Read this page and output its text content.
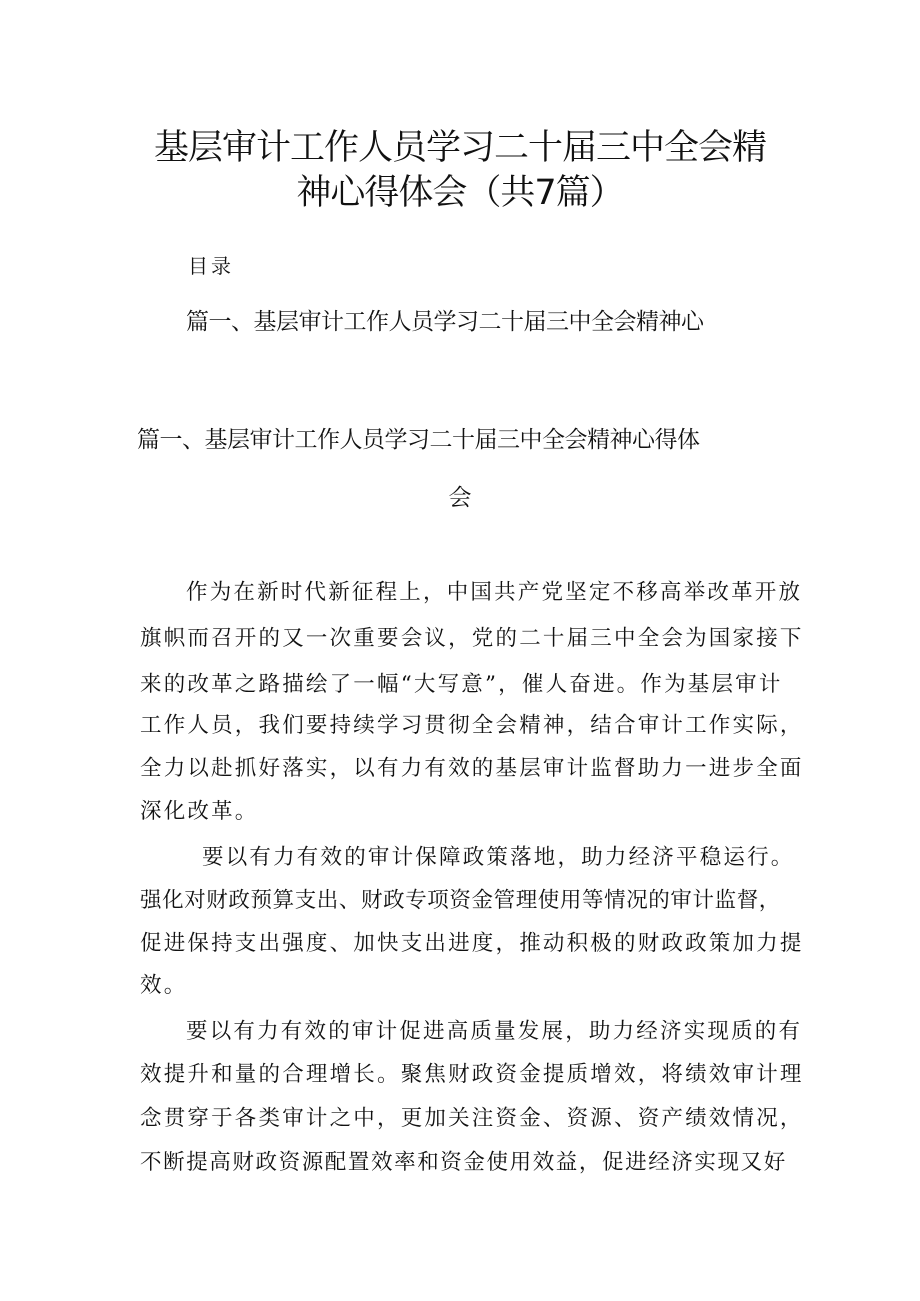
基层审计工作人员学习二十届三中全会精
神心得体会（共7篇）
目录
篇一、基层审计工作人员学习二十届三中全会精神心
篇一、基层审计工作人员学习二十届三中全会精神心得体
会
作为在新时代新征程上，中国共产党坚定不移高举改革开放
旗帜而召开的又一次重要会议，党的二十届三中全会为国家接下
来的改革之路描绘了一幅“大写意”，催人奋进。作为基层审计
工作人员，我们要持续学习贯彻全会精神，结合审计工作实际，
全力以赴抓好落实，以有力有效的基层审计监督助力一进步全面
深化改革。
要以有力有效的审计保障政策落地，助力经济平稳运行。
强化对财政预算支出、财政专项资金管理使用等情况的审计监督，
促进保持支出强度、加快支出进度，推动积极的财政政策加力提
效。
要以有力有效的审计促进高质量发展，助力经济实现质的有
效提升和量的合理增长。聚焦财政资金提质增效，将绩效审计理
念贯穿于各类审计之中，更加关注资金、资源、资产绩效情况，
不断提高财政资源配置效率和资金使用效益，促进经济实现又好
